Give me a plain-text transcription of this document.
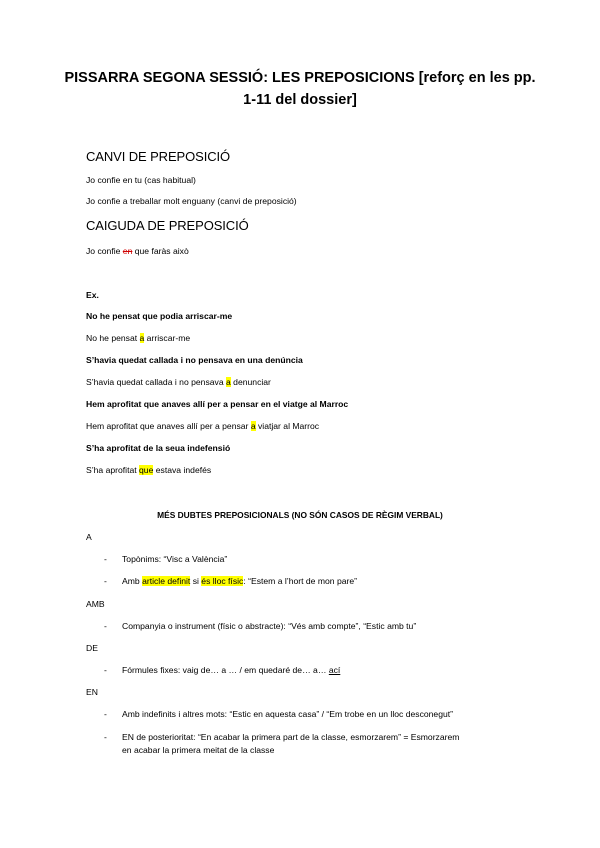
PISSARRA SEGONA SESSIÓ: LES PREPOSICIONS [reforç en les pp.
1-11 del dossier]
CANVI DE PREPOSICIÓ
Jo confie en tu (cas habitual)
Jo confie a treballar molt enguany (canvi de preposició)
CAIGUDA DE PREPOSICIÓ
Jo confie en que faràs això
Ex.
No he pensat que podia arriscar-me
No he pensat a arriscar-me
S’havia quedat callada i no pensava en una denúncia
S’havia quedat callada i no pensava a denunciar
Hem aprofitat que anaves allí per a pensar en el viatge al Marroc
Hem aprofitat que anaves allí per a pensar a viatjar al Marroc
S’ha aprofitat de la seua indefensió
S’ha aprofitat que estava indefés
MÉS DUBTES PREPOSICIONALS (NO SÓN CASOS DE RÈGIM VERBAL)
A
- Topònims: “Visc a València”
- Amb article definit si és lloc físic: “Estem a l’hort de mon pare”
AMB
- Companyia o instrument (físic o abstracte): “Vés amb compte”, “Estic amb tu”
DE
- Fórmules fixes: vaig de… a … / em quedaré de… a… ací
EN
- Amb indefinits i altres mots: “Estic en aquesta casa” / “Em trobe en un lloc desconegut”
- EN de posterioritat: “En acabar la primera part de la classe, esmorzarem” = Esmorzarem
en acabar la primera meitat de la classe
